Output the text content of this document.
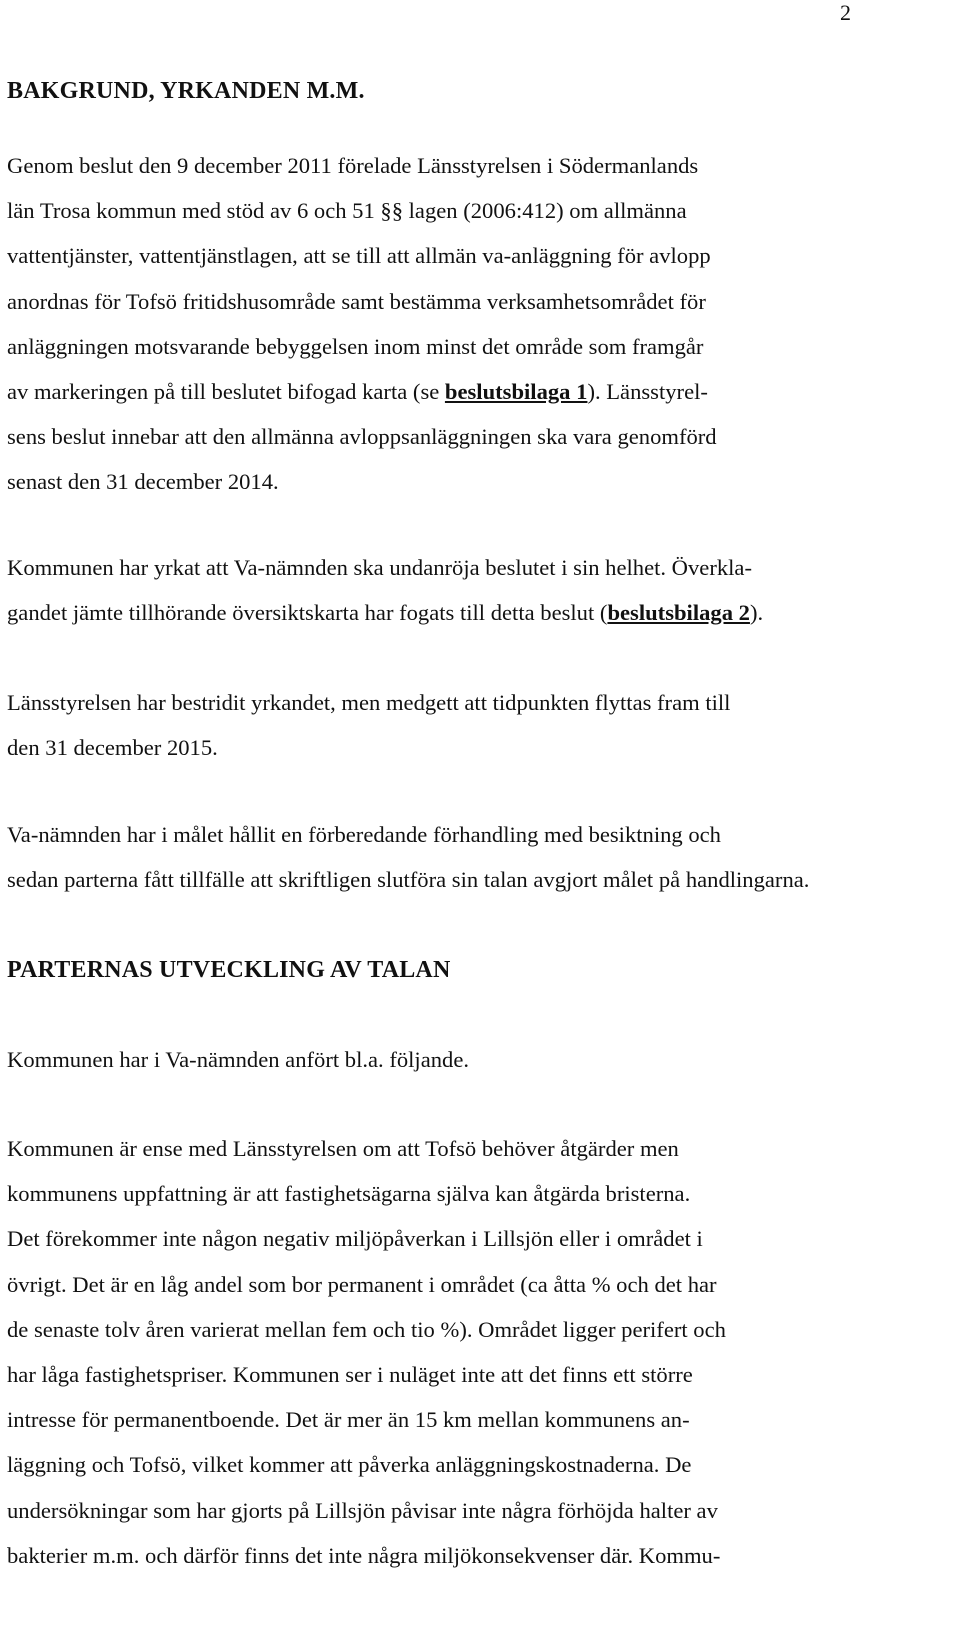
2
BAKGRUND, YRKANDEN M.M.
Genom beslut den 9 december 2011 förelade Länsstyrelsen i Södermanlands
län Trosa kommun med stöd av 6 och 51 §§ lagen (2006:412) om allmänna
vattentjänster, vattentjänstlagen, att se till att allmän va-anläggning för avlopp
anordnas för Tofsö fritidshusområde samt bestämma verksamhetsområdet för
anläggningen motsvarande bebyggelsen inom minst det område som framgår
av markeringen på till beslutet bifogad karta (se beslutsbilaga 1). Länsstyrel-
sens beslut innebar att den allmänna avloppsanläggningen ska vara genomförd
senast den 31 december 2014.
Kommunen har yrkat att Va-nämnden ska undanröja beslutet i sin helhet. Överkla-
gandet jämte tillhörande översiktskarta har fogats till detta beslut (beslutsbilaga 2).
Länsstyrelsen har bestridit yrkandet, men medgett att tidpunkten flyttas fram till
den 31 december 2015.
Va-nämnden har i målet hållit en förberedande förhandling med besiktning och
sedan parterna fått tillfälle att skriftligen slutföra sin talan avgjort målet på handlingarna.
PARTERNAS UTVECKLING AV TALAN
Kommunen har i Va-nämnden anfört bl.a. följande.
Kommunen är ense med Länsstyrelsen om att Tofsö behöver åtgärder men
kommunens uppfattning är att fastighetsägarna själva kan åtgärda bristerna.
Det förekommer inte någon negativ miljöpåverkan i Lillsjön eller i området i
övrigt. Det är en låg andel som bor permanent i området (ca åtta % och det har
de senaste tolv åren varierat mellan fem och tio %). Området ligger perifert och
har låga fastighetspriser. Kommunen ser i nuläget inte att det finns ett större
intresse för permanentboende. Det är mer än 15 km mellan kommunens an-
läggning och Tofsö, vilket kommer att påverka anläggningskostnaderna. De
undersökningar som har gjorts på Lillsjön påvisar inte några förhöjda halter av
bakterier m.m. och därför finns det inte några miljökonsekvenser där. Kommu-
